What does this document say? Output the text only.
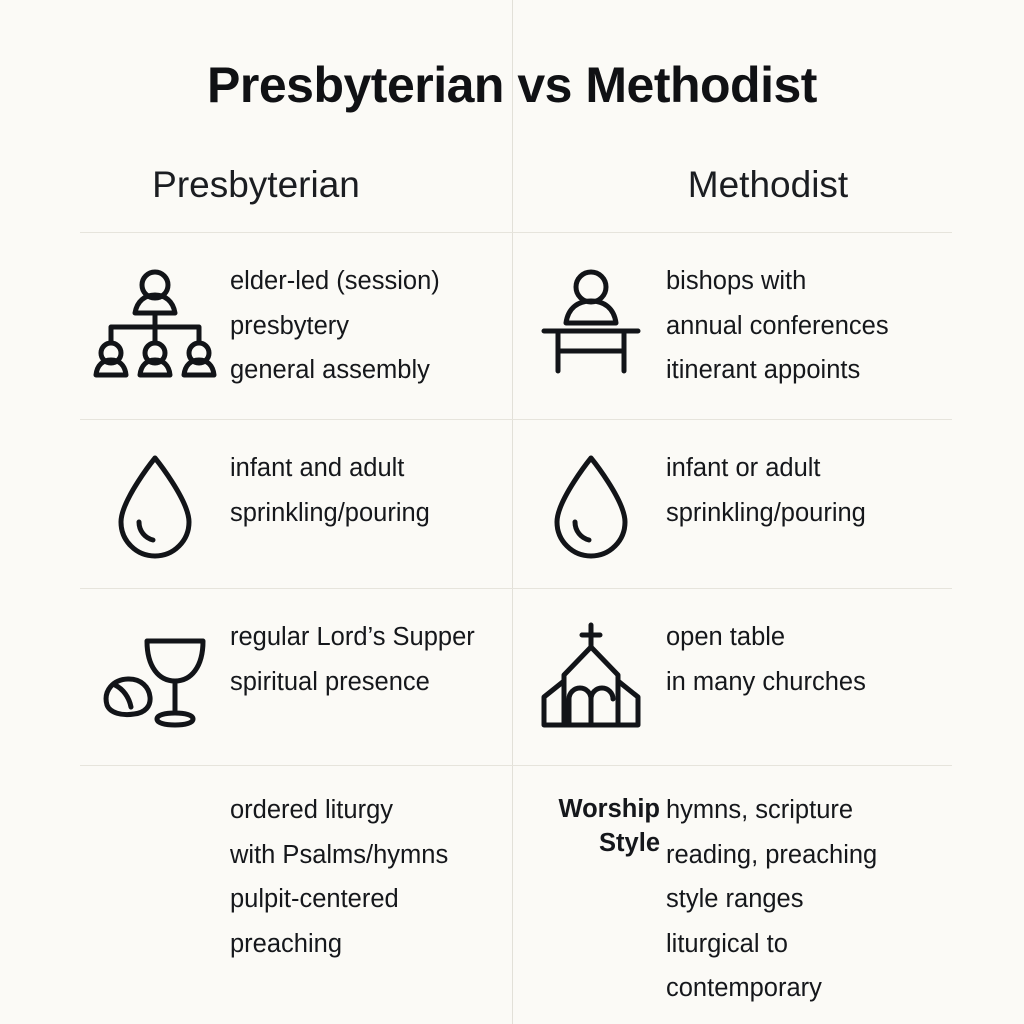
Presbyterian vs Methodist
Presbyterian	Methodist
elder-led (session)
presbytery
general assembly
bishops with
annual conferences
itinerant appoints
infant and adult
sprinkling/pouring
infant or adult
sprinkling/pouring
regular Lord’s Supper
spiritual presence
open table
in many churches
ordered liturgy
with Psalms/hymns
pulpit-centered
preaching
Worship Style
hymns, scripture
reading, preaching
style ranges
liturgical to
contemporary
